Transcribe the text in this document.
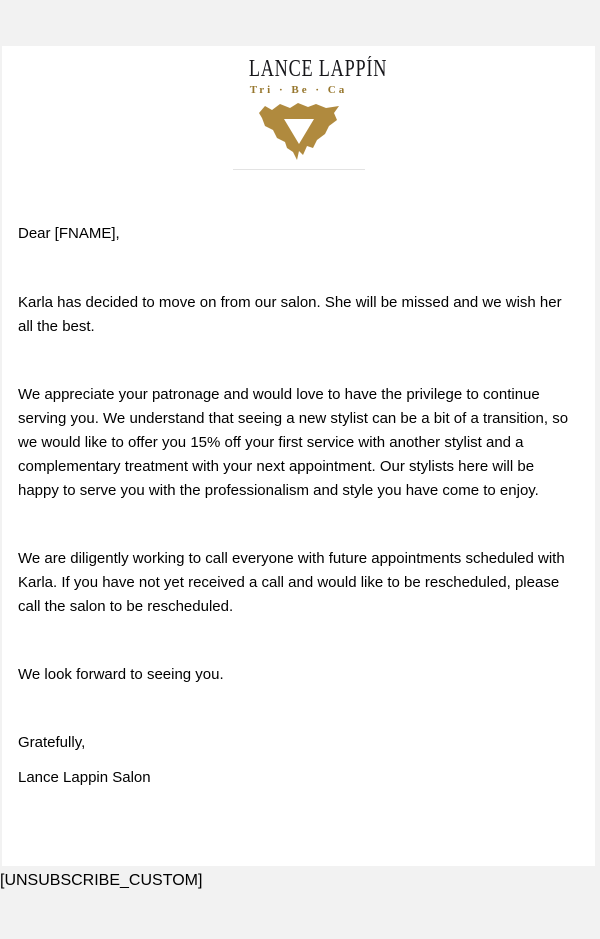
LANCE LAPPÍN
Tri · Be · Ca

Dear [FNAME],

Karla has decided to move on from our salon. She will be missed and we wish her all the best.

We appreciate your patronage and would love to have the privilege to continue serving you. We understand that seeing a new stylist can be a bit of a transition, so we would like to offer you 15% off your first service with another stylist and a complementary treatment with your next appointment. Our stylists here will be happy to serve you with the professionalism and style you have come to enjoy.

We are diligently working to call everyone with future appointments scheduled with Karla. If you have not yet received a call and would like to be rescheduled, please call the salon to be rescheduled.

We look forward to seeing you.

Gratefully,

Lance Lappin Salon

[UNSUBSCRIBE_CUSTOM]
